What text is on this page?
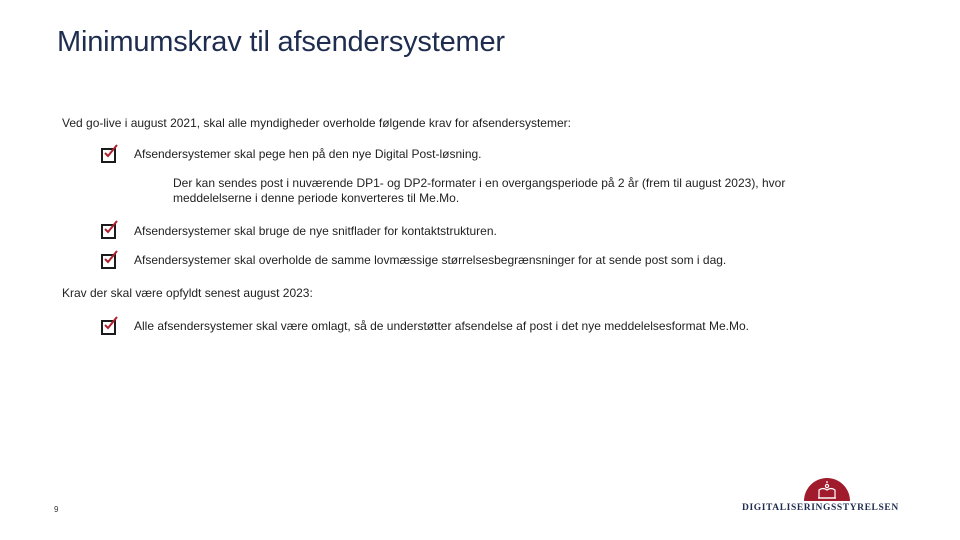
Minimumskrav til afsendersystemer
Ved go-live i august 2021, skal alle myndigheder overholde følgende krav for afsendersystemer:
Afsendersystemer skal pege hen på den nye Digital Post-løsning.
Der kan sendes post i nuværende DP1- og DP2-formater i en overgangsperiode på 2 år (frem til august 2023), hvor meddelelserne i denne periode konverteres til Me.Mo.
Afsendersystemer skal bruge de nye snitflader for kontaktstrukturen.
Afsendersystemer skal overholde de samme lovmæssige størrelsesbegrænsninger for at sende post som i dag.
Krav der skal være opfyldt senest august 2023:
Alle afsendersystemer skal være omlagt, så de understøtter afsendelse af post i det nye meddelelsesformat Me.Mo.
9	DIGITALISERINGSSTYRELSEN
